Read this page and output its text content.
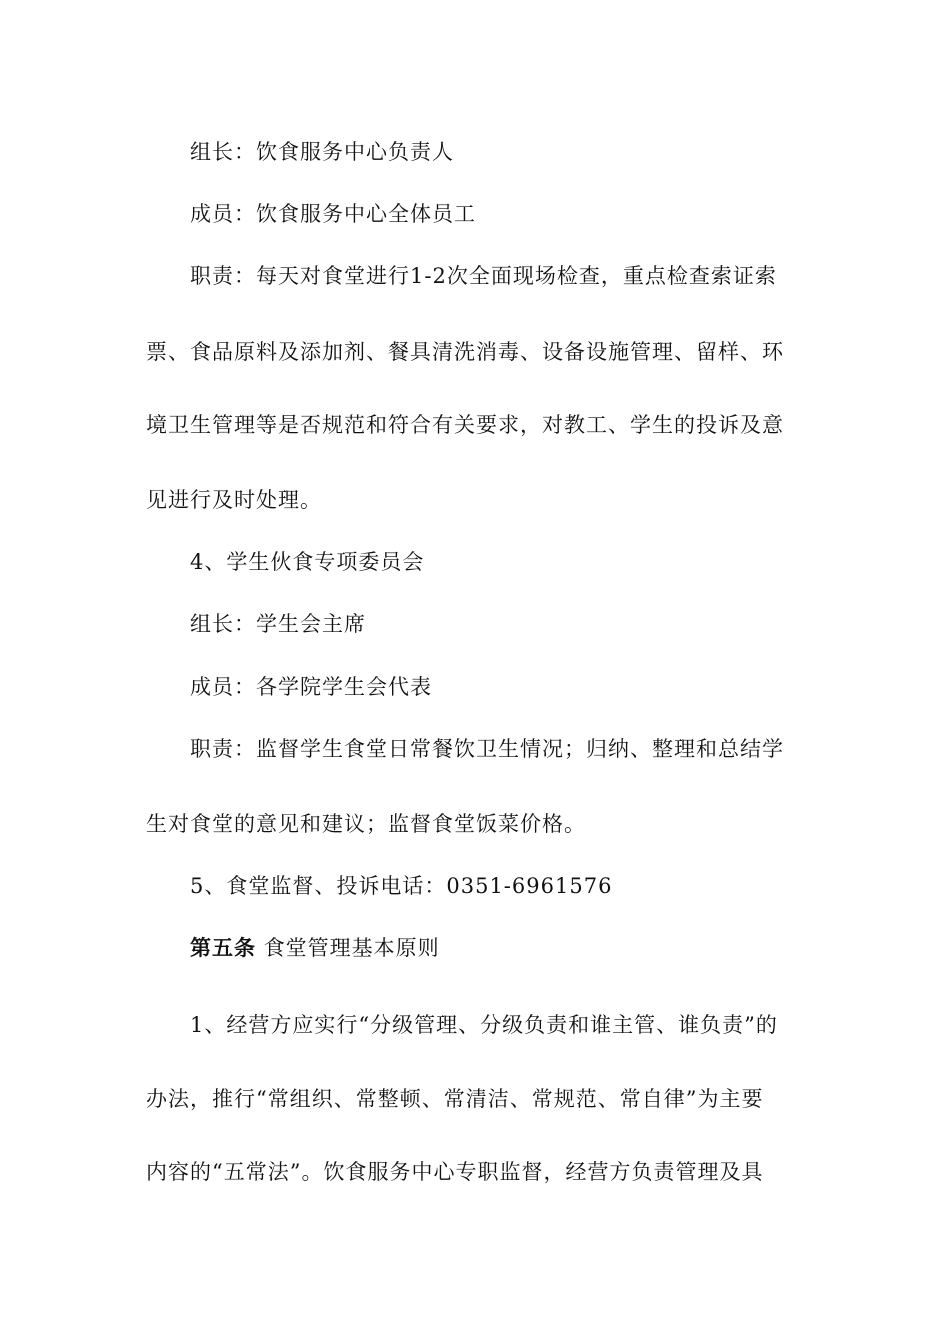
组长：饮食服务中心负责人
成员：饮食服务中心全体员工
职责：每天对食堂进行1-2次全面现场检查，重点检查索证索
票、食品原料及添加剂、餐具清洗消毒、设备设施管理、留样、环
境卫生管理等是否规范和符合有关要求，对教工、学生的投诉及意
见进行及时处理。
4、学生伙食专项委员会
组长：学生会主席
成员：各学院学生会代表
职责：监督学生食堂日常餐饮卫生情况；归纳、整理和总结学
生对食堂的意见和建议；监督食堂饭菜价格。
5、食堂监督、投诉电话：0351-6961576
第五条 食堂管理基本原则
1、经营方应实行“分级管理、分级负责和谁主管、谁负责”的
办法，推行“常组织、常整顿、常清洁、常规范、常自律”为主要
内容的“五常法”。饮食服务中心专职监督，经营方负责管理及具
